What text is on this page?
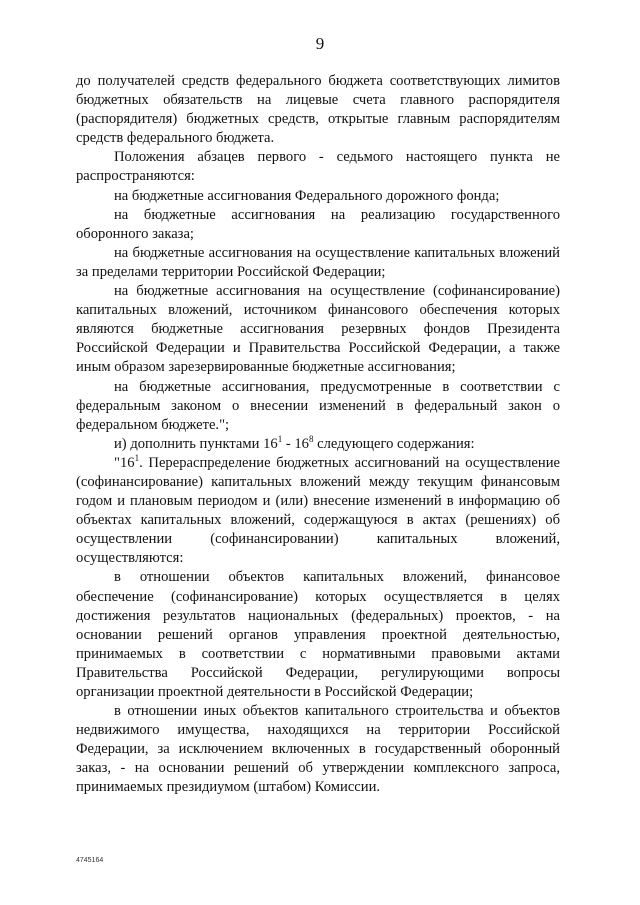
9

до получателей средств федерального бюджета соответствующих лимитов бюджетных обязательств на лицевые счета главного распорядителя (распорядителя) бюджетных средств, открытые главным распорядителям средств федерального бюджета.

Положения абзацев первого - седьмого настоящего пункта не распространяются:

на бюджетные ассигнования Федерального дорожного фонда;

на бюджетные ассигнования на реализацию государственного оборонного заказа;

на бюджетные ассигнования на осуществление капитальных вложений за пределами территории Российской Федерации;

на бюджетные ассигнования на осуществление (софинансирование) капитальных вложений, источником финансового обеспечения которых являются бюджетные ассигнования резервных фондов Президента Российской Федерации и Правительства Российской Федерации, а также иным образом зарезервированные бюджетные ассигнования;

на бюджетные ассигнования, предусмотренные в соответствии с федеральным законом о внесении изменений в федеральный закон о федеральном бюджете.";

и) дополнить пунктами $16^1 - 16^8$ следующего содержания:

"$16^1$. Перераспределение бюджетных ассигнований на осуществление (софинансирование) капитальных вложений между текущим финансовым годом и плановым периодом и (или) внесение изменений в информацию об объектах капитальных вложений, содержащуюся в актах (решениях) об осуществлении (софинансировании) капитальных вложений, осуществляются:

в отношении объектов капитальных вложений, финансовое обеспечение (софинансирование) которых осуществляется в целях достижения результатов национальных (федеральных) проектов, - на основании решений органов управления проектной деятельностью, принимаемых в соответствии с нормативными правовыми актами Правительства Российской Федерации, регулирующими вопросы организации проектной деятельности в Российской Федерации;

в отношении иных объектов капитального строительства и объектов недвижимого имущества, находящихся на территории Российской Федерации, за исключением включенных в государственный оборонный заказ, - на основании решений об утверждении комплексного запроса, принимаемых президиумом (штабом) Комиссии.

4745164
